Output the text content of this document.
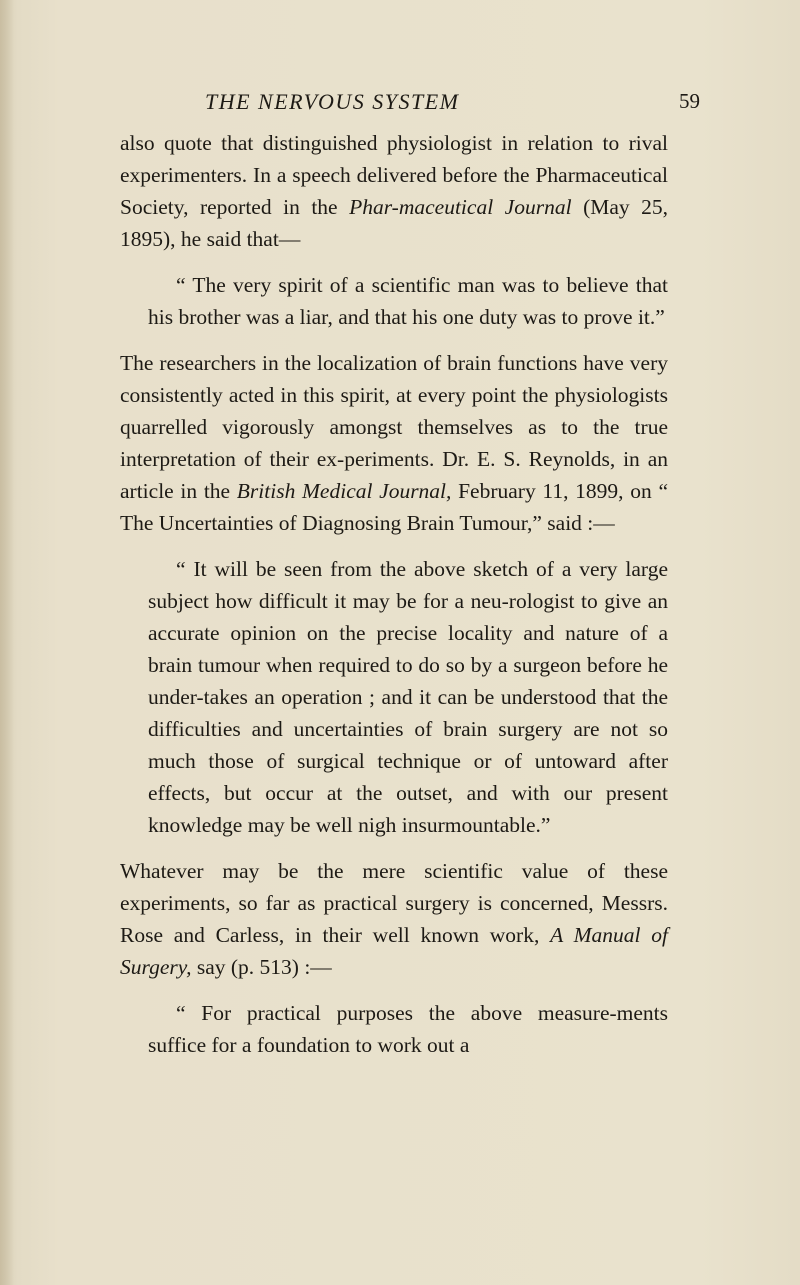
THE NERVOUS SYSTEM	59

also quote that distinguished physiologist in relation to rival experimenters. In a speech delivered before the Pharmaceutical Society, reported in the Phar-maceutical Journal (May 25, 1895), he said that—

“ The very spirit of a scientific man was to believe that his brother was a liar, and that his one duty was to prove it.”

The researchers in the localization of brain functions have very consistently acted in this spirit, at every point the physiologists quarrelled vigorously amongst themselves as to the true interpretation of their ex-periments. Dr. E. S. Reynolds, in an article in the British Medical Journal, February 11, 1899, on “ The Uncertainties of Diagnosing Brain Tumour,” said :—

“ It will be seen from the above sketch of a very large subject how difficult it may be for a neu-rologist to give an accurate opinion on the precise locality and nature of a brain tumour when required to do so by a surgeon before he under-takes an operation ; and it can be understood that the difficulties and uncertainties of brain surgery are not so much those of surgical technique or of untoward after effects, but occur at the outset, and with our present knowledge may be well nigh insurmountable.”

Whatever may be the mere scientific value of these experiments, so far as practical surgery is concerned, Messrs. Rose and Carless, in their well known work, A Manual of Surgery, say (p. 513) :—

“ For practical purposes the above measure-ments suffice for a foundation to work out a
